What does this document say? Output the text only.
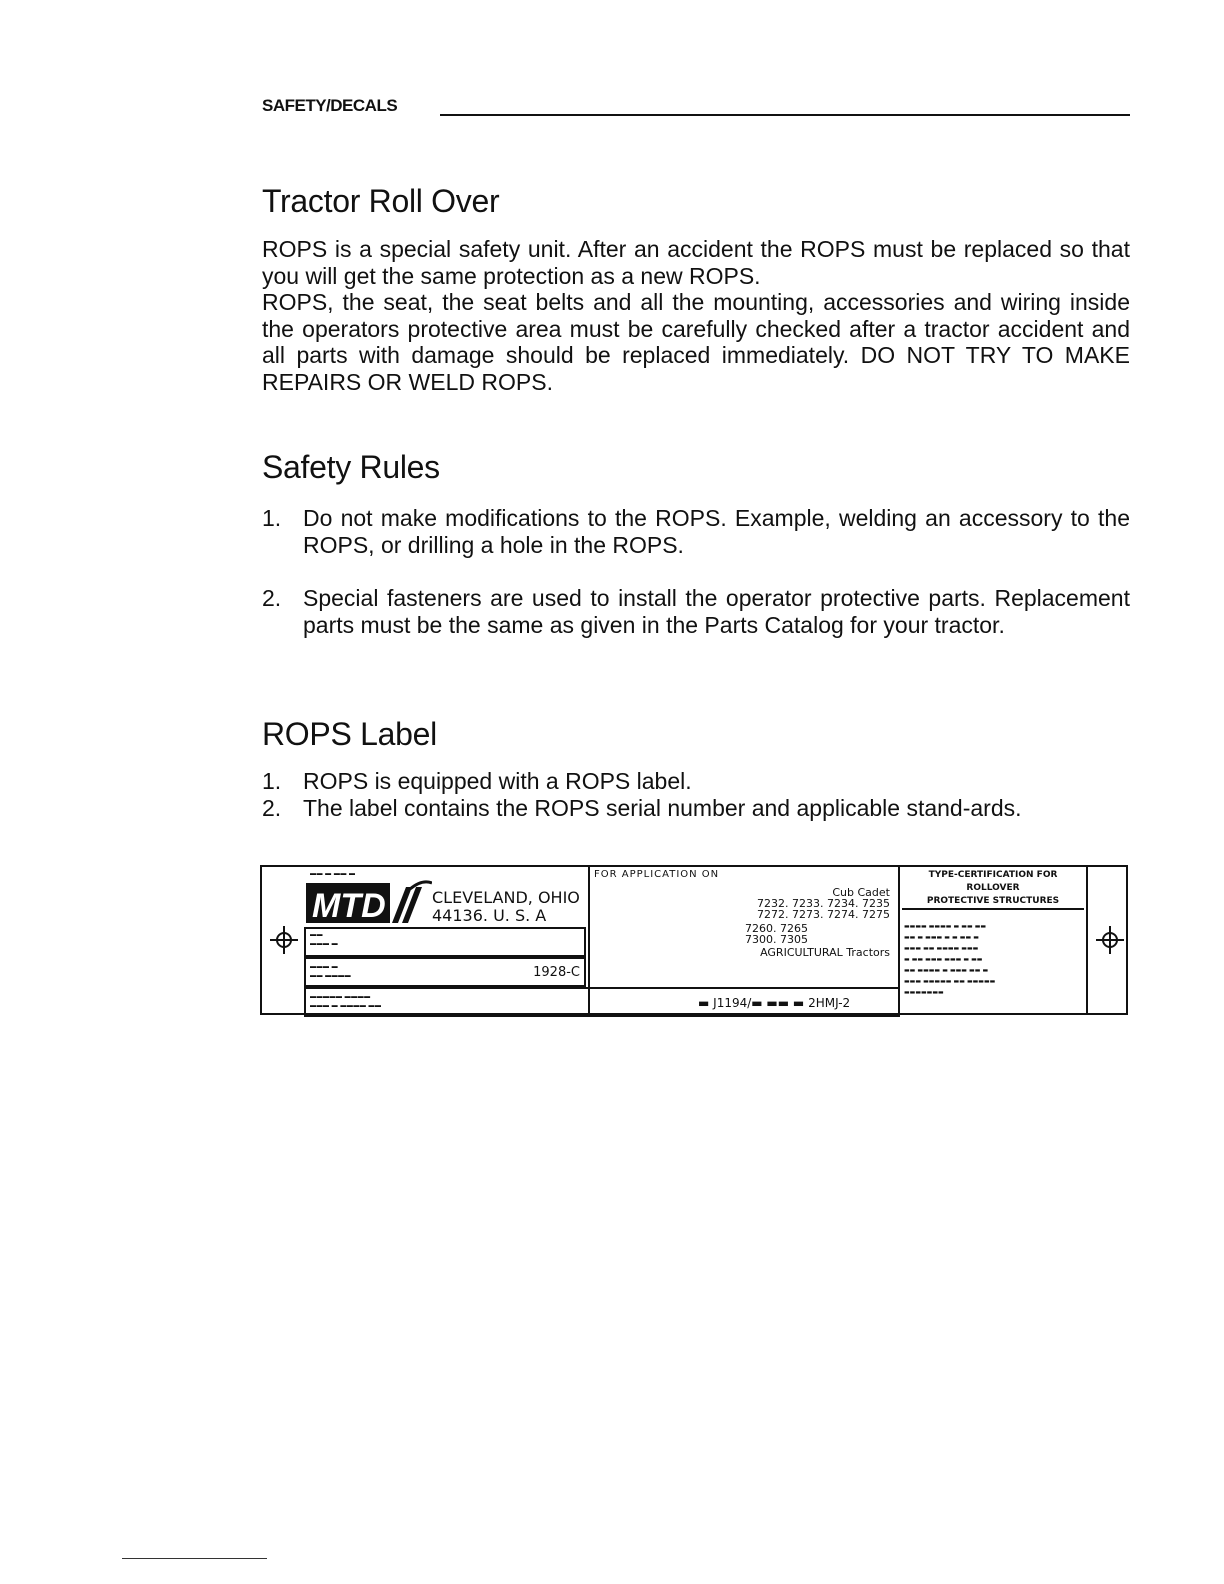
SAFETY/DECALS
Tractor Roll Over
ROPS is a special safety unit. After an accident the ROPS must be replaced so that you will get the same protection as a new ROPS.
ROPS, the seat, the seat belts and all the mounting, accessories and wiring inside the operators protective area must be carefully checked after a tractor accident and all parts with damage should be replaced immediately. DO NOT TRY TO MAKE REPAIRS OR WELD ROPS.
Safety Rules
1. Do not make modifications to the ROPS. Example, welding an accessory to the ROPS, or drilling a hole in the ROPS.
2. Special fasteners are used to install the operator protective parts. Replacement parts must be the same as given in the Parts Catalog for your tractor.
ROPS Label
1. ROPS is equipped with a ROPS label.
2. The label contains the ROPS serial number and applicable stand-ards.
▬▬ ▬ ▬▬ ▬
MTD	CLEVELAND, OHIO
44136. U. S. A
▬▬
▬▬▬ ▬
▬▬▬ ▬
▬▬ ▬▬▬▬	1928-C
▬▬▬▬▬ ▬▬▬▬
▬▬▬ ▬ ▬▬▬▬ ▬▬	▬ J1194/▬ ▬▬ ▬ 2HMJ-2
FOR APPLICATION ON
Cub Cadet
7232. 7233. 7234. 7235
7272. 7273. 7274. 7275
7260. 7265
7300. 7305
AGRICULTURAL Tractors
TYPE-CERTIFICATION FOR
ROLLOVER
PROTECTIVE STRUCTURES
▬▬▬▬ ▬▬▬▬ ▬ ▬▬ ▬▬
▬▬ ▬ ▬▬▬ ▬ ▬ ▬▬ ▬
▬▬▬ ▬▬ ▬▬▬▬ ▬▬▬
▬ ▬▬ ▬▬▬ ▬▬▬ ▬ ▬▬
▬▬ ▬▬▬▬ ▬ ▬▬▬ ▬▬ ▬
▬▬▬ ▬▬▬▬▬ ▬▬ ▬▬▬▬▬
▬▬▬▬▬▬▬
